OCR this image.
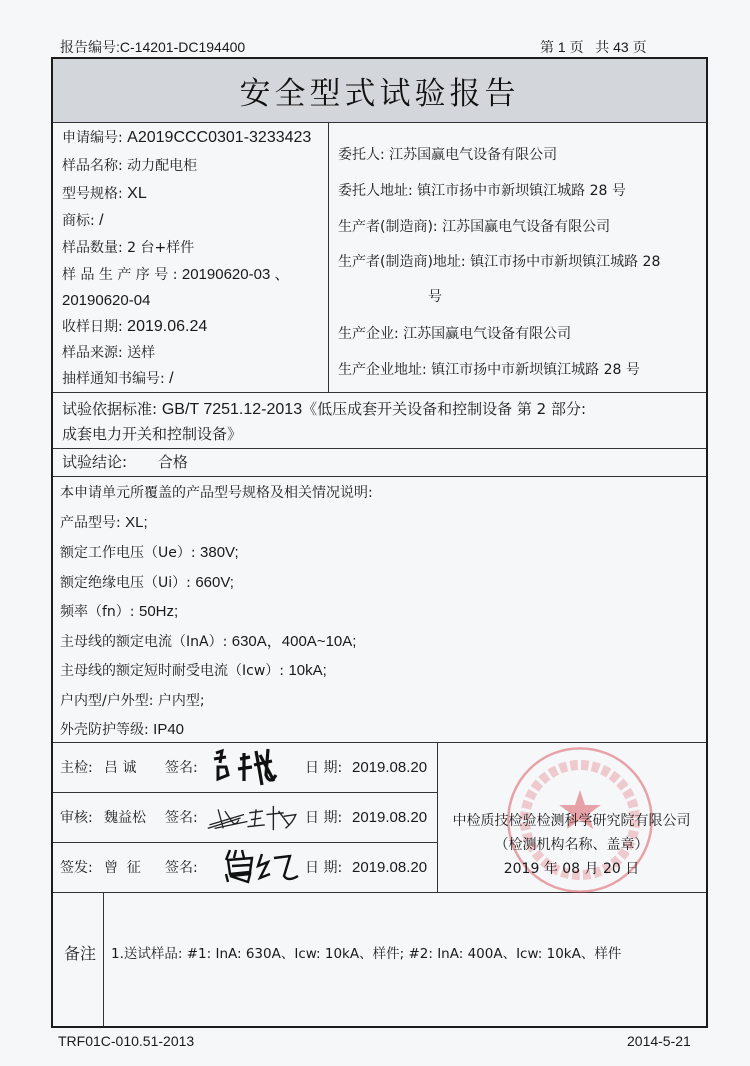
报告编号:C-14201-DC194400	第 1 页   共 43 页
安全型式试验报告
申请编号: A2019CCC0301-3233423
样品名称: 动力配电柜
型号规格: XL
商标: /
样品数量: 2 台+样件
样 品 生 产 序 号 : 20190620-03 、
20190620-04
收样日期: 2019.06.24
样品来源: 送样
抽样通知书编号: /
委托人: 江苏国赢电气设备有限公司
委托人地址: 镇江市扬中市新坝镇江城路 28 号
生产者(制造商): 江苏国赢电气设备有限公司
生产者(制造商)地址: 镇江市扬中市新坝镇江城路 28
号
生产企业: 江苏国赢电气设备有限公司
生产企业地址: 镇江市扬中市新坝镇江城路 28 号
试验依据标准: GB/T 7251.12-2013《低压成套开关设备和控制设备 第 2 部分:
成套电力开关和控制设备》
试验结论: 合格
本申请单元所覆盖的产品型号规格及相关情况说明:
产品型号: XL;
额定工作电压（Ue）: 380V;
额定绝缘电压（Ui）: 660V;
频率（fn）: 50Hz;
主母线的额定电流（InA）: 630A，400A~10A;
主母线的额定短时耐受电流（Icw）: 10kA;
户内型/户外型: 户内型;
外壳防护等级: IP40
主检: 吕 诚 签名:	日 期: 2019.08.20
审核: 魏益松 签名:	日 期: 2019.08.20
签发: 曾  征 签名:	日 期: 2019.08.20
中检质技检验检测科学研究院有限公司
（检测机构名称、盖章）
2019 年 08 月 20 日
备注 1.送试样品: #1: InA: 630A、Icw: 10kA、样件; #2: InA: 400A、Icw: 10kA、样件
TRF01C-010.51-2013	2014-5-21
